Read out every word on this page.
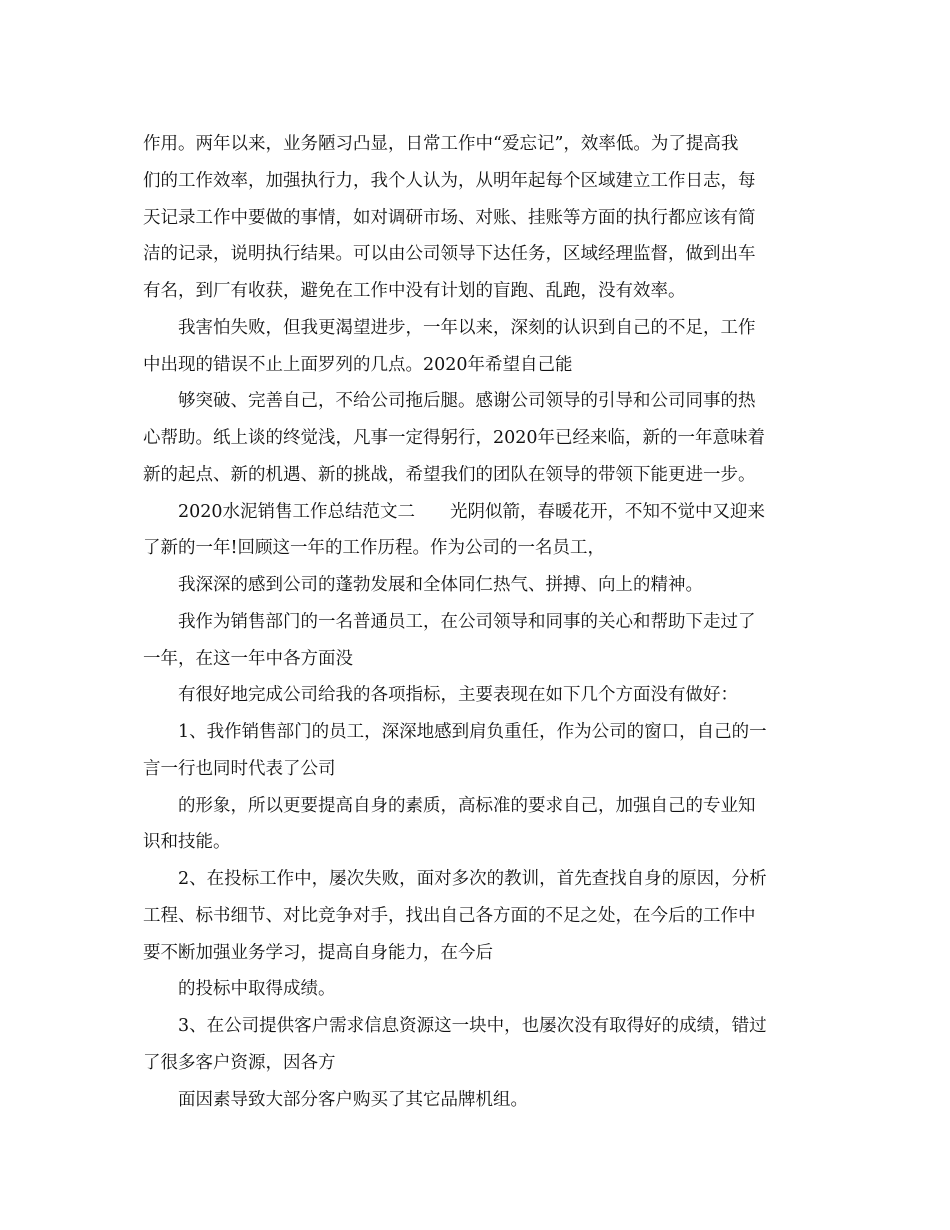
作用。两年以来，业务陋习凸显，日常工作中“爱忘记”，效率低。为了提高我
们的工作效率，加强执行力，我个人认为，从明年起每个区域建立工作日志，每
天记录工作中要做的事情，如对调研市场、对账、挂账等方面的执行都应该有简
洁的记录，说明执行结果。可以由公司领导下达任务，区域经理监督，做到出车
有名，到厂有收获，避免在工作中没有计划的盲跑、乱跑，没有效率。
我害怕失败，但我更渴望进步，一年以来，深刻的认识到自己的不足，工作
中出现的错误不止上面罗列的几点。2020年希望自己能
够突破、完善自己，不给公司拖后腿。感谢公司领导的引导和公司同事的热
心帮助。纸上谈的终觉浅，凡事一定得躬行，2020年已经来临，新的一年意味着
新的起点、新的机遇、新的挑战，希望我们的团队在领导的带领下能更进一步。
2020水泥销售工作总结范文二　　光阴似箭，春暖花开，不知不觉中又迎来
了新的一年!回顾这一年的工作历程。作为公司的一名员工，
我深深的感到公司的蓬勃发展和全体同仁热气、拼搏、向上的精神。
我作为销售部门的一名普通员工，在公司领导和同事的关心和帮助下走过了
一年，在这一年中各方面没
有很好地完成公司给我的各项指标，主要表现在如下几个方面没有做好：
1、我作销售部门的员工，深深地感到肩负重任，作为公司的窗口，自己的一
言一行也同时代表了公司
的形象，所以更要提高自身的素质，高标准的要求自己，加强自己的专业知
识和技能。
2、在投标工作中，屡次失败，面对多次的教训，首先查找自身的原因，分析
工程、标书细节、对比竞争对手，找出自己各方面的不足之处，在今后的工作中
要不断加强业务学习，提高自身能力，在今后
的投标中取得成绩。
3、在公司提供客户需求信息资源这一块中，也屡次没有取得好的成绩，错过
了很多客户资源，因各方
面因素导致大部分客户购买了其它品牌机组。
